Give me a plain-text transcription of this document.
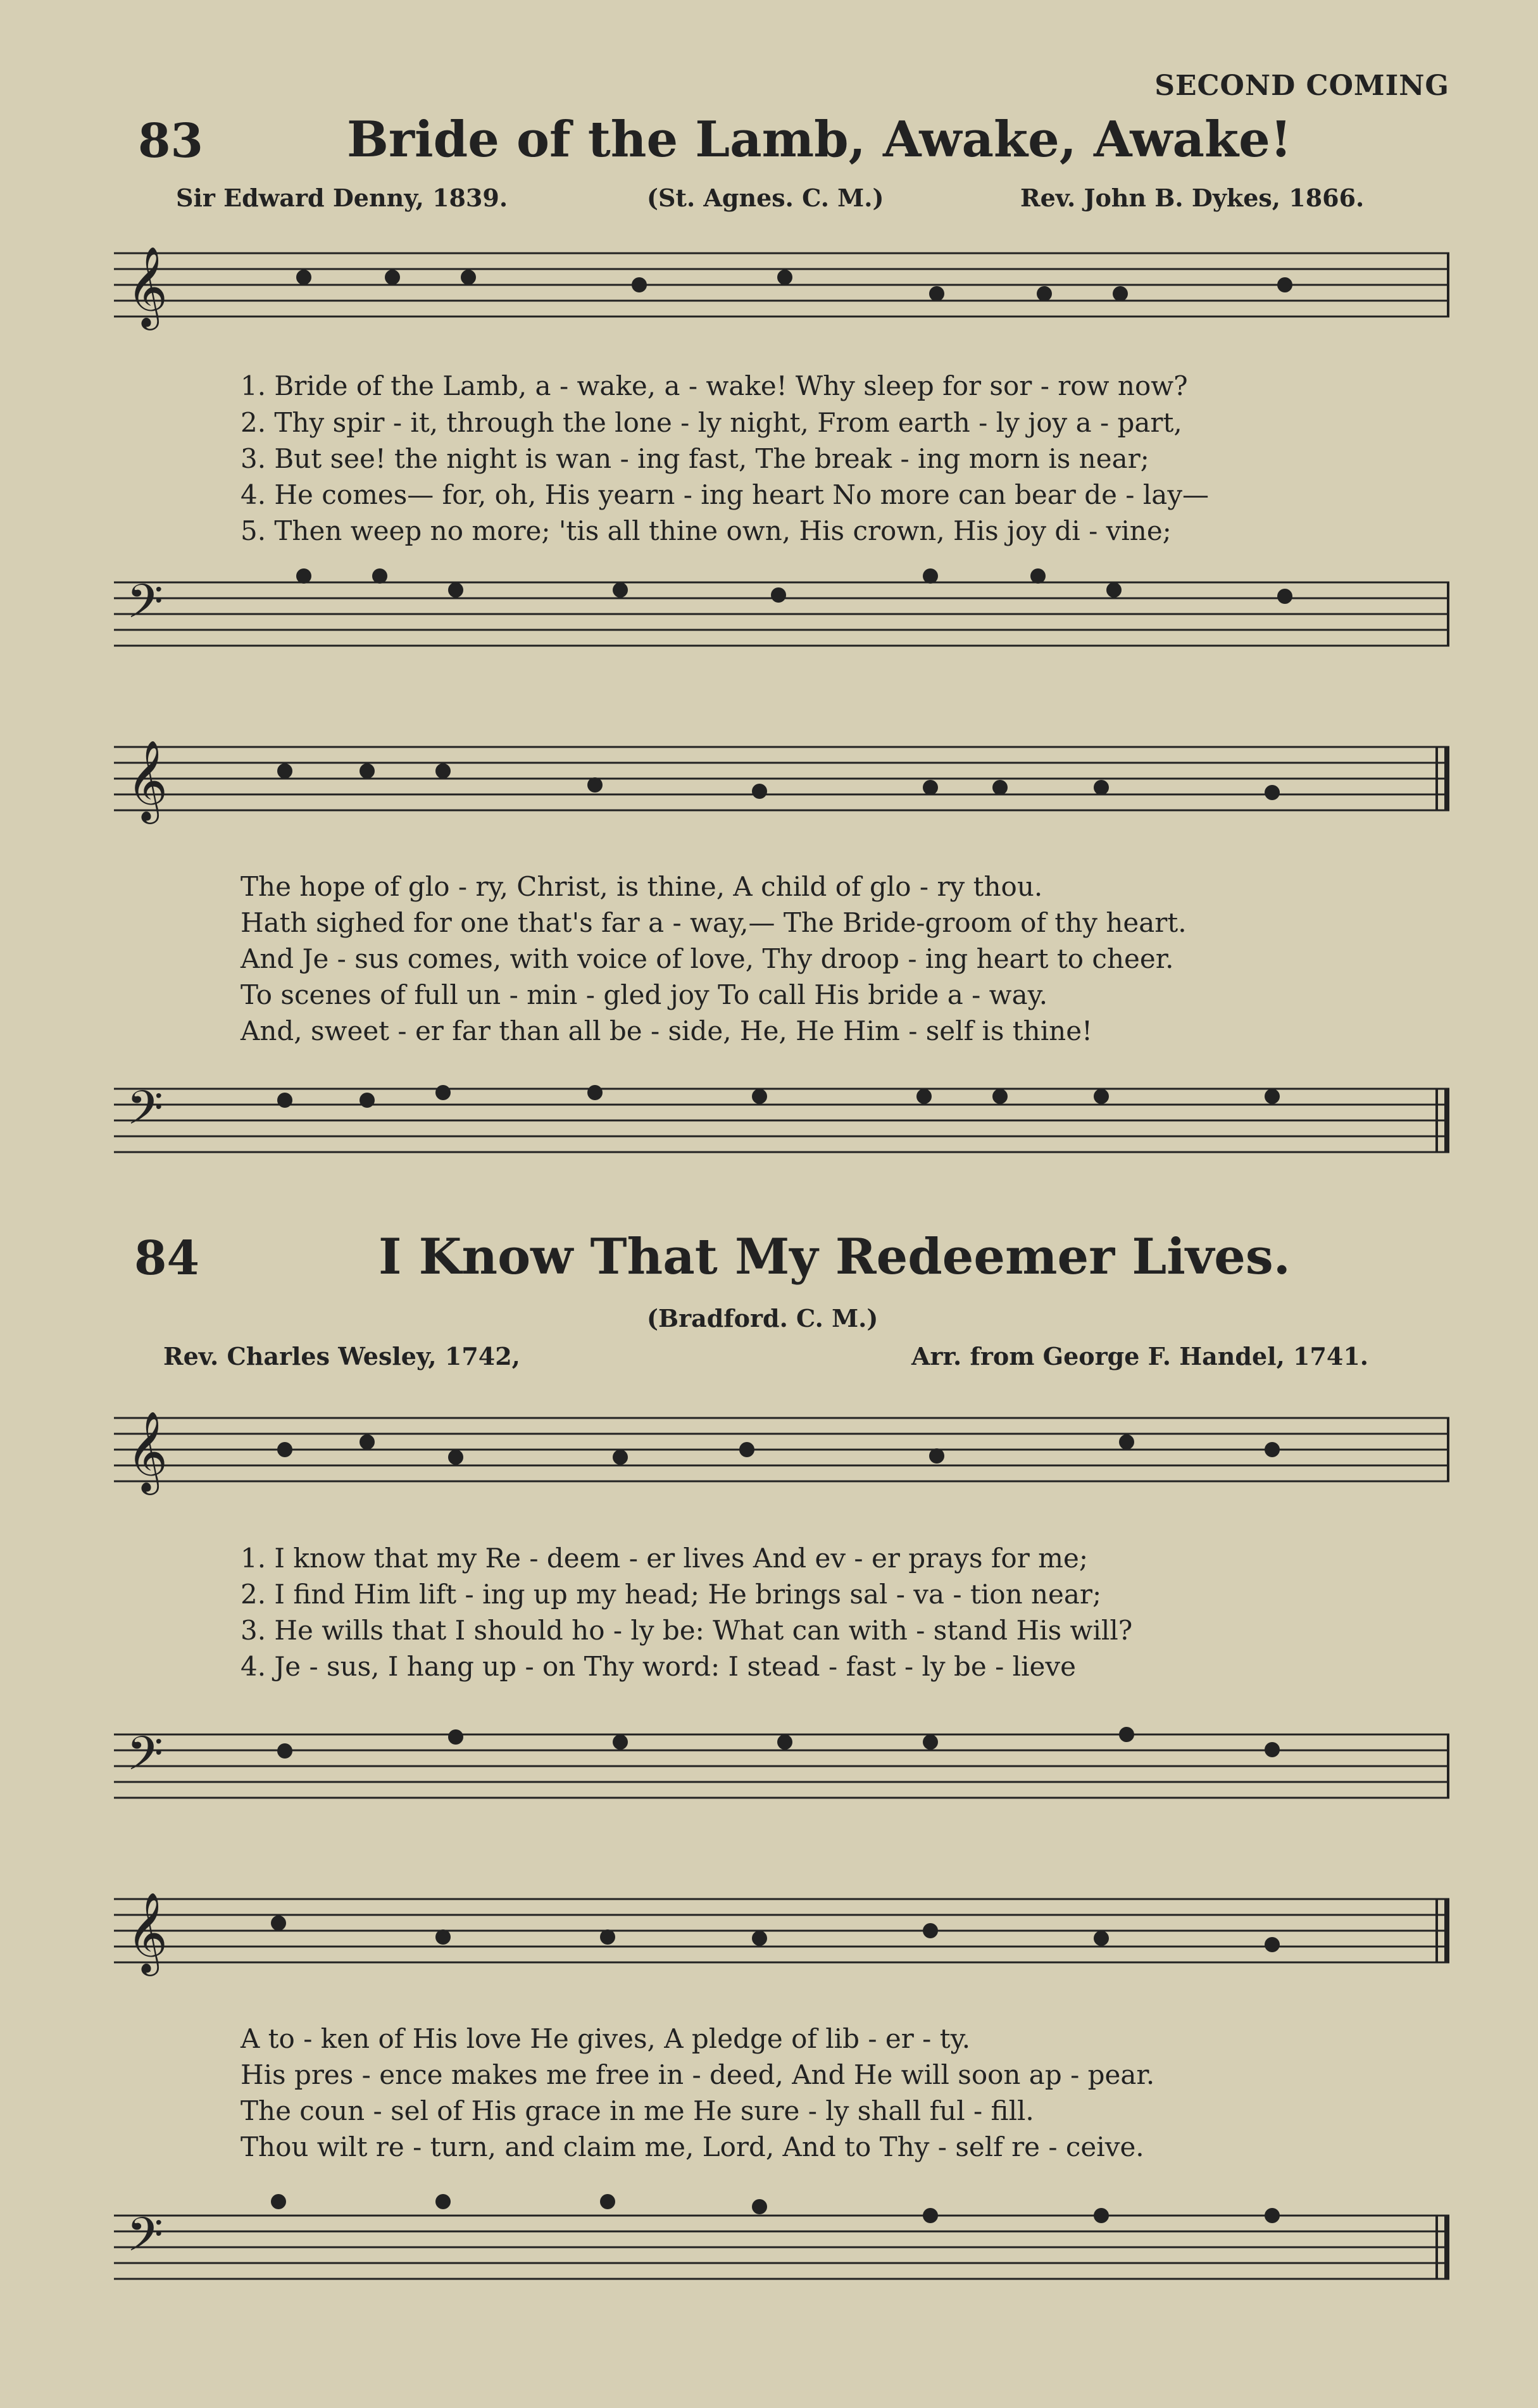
SECOND COMING
83	Bride of the Lamb, Awake, Awake!
Sir Edward Denny, 1839.	(St. Agnes. C. M.)	Rev. John B. Dykes, 1866.
𝄞
1. Bride of the Lamb, a - wake, a - wake! Why sleep for sor - row now?
2. Thy spir - it, through the lone - ly night, From earth - ly joy a - part,
3. But see! the night is wan - ing fast, The break - ing morn is near;
4. He comes— for, oh, His yearn - ing heart No more can bear de - lay—
5. Then weep no more; 'tis all thine own, His crown, His joy di - vine;
𝄢
𝄞
The hope of glo - ry, Christ, is thine, A child of glo - ry thou.
Hath sighed for one that's far a - way,— The Bride-groom of thy heart.
And Je - sus comes, with voice of love, Thy droop - ing heart to cheer.
To scenes of full un - min - gled joy To call His bride a - way.
And, sweet - er far than all be - side, He, He Him - self is thine!
𝄢
84	I Know That My Redeemer Lives.
(Bradford. C. M.)
Rev. Charles Wesley, 1742,	Arr. from George F. Handel, 1741.
𝄞
1. I know that my Re - deem - er lives And ev - er prays for me;
2. I find Him lift - ing up my head; He brings sal - va - tion near;
3. He wills that I should ho - ly be: What can with - stand His will?
4. Je - sus, I hang up - on Thy word: I stead - fast - ly be - lieve
𝄢
𝄞
A to - ken of His love He gives, A pledge of lib - er - ty.
His pres - ence makes me free in - deed, And He will soon ap - pear.
The coun - sel of His grace in me He sure - ly shall ful - fill.
Thou wilt re - turn, and claim me, Lord, And to Thy - self re - ceive.
𝄢
